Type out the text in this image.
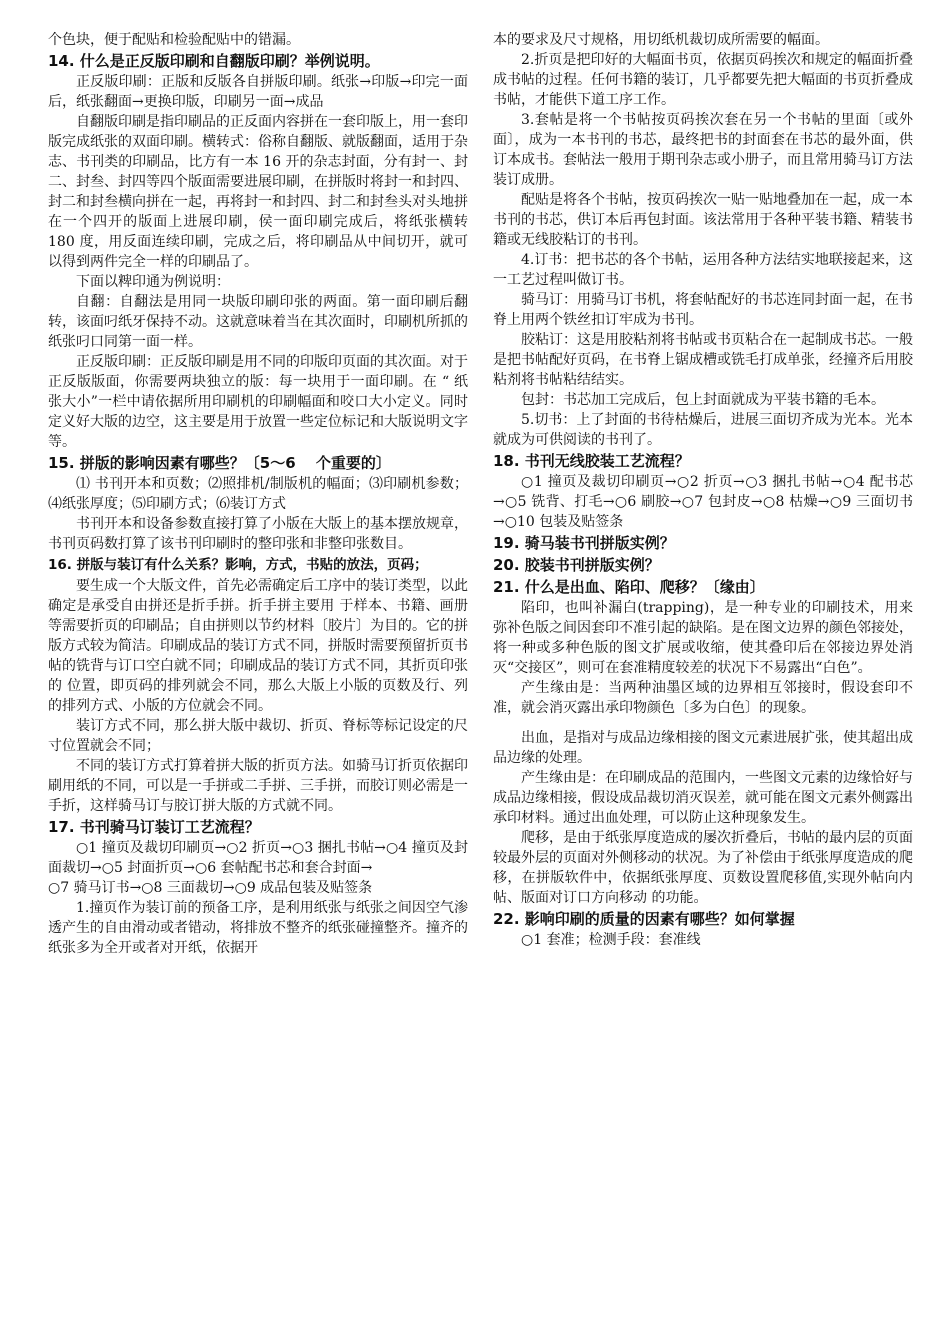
个色块，便于配贴和检验配贴中的错漏。

14. 什么是正反版印刷和自翻版印刷？举例说明。

正反版印刷：正版和反版各自拼版印刷。纸张→印版→印完一面后，纸张翻面→更换印版，印刷另一面→成品

自翻版印刷是指印刷品的正反面内容拼在一套印版上，用一套印版完成纸张的双面印刷。横转式：俗称自翻版、就版翻面，适用于杂志、书刊类的印刷品，比方有一本 16 开的杂志封面，分有封一、封二、封叁、封四等四个版面需要进展印刷，在拼版时将封一和封四、封二和封叁横向拼在一起，再将封一和封四、封二和封叁头对头地拼在一个四开的版面上进展印刷，侯一面印刷完成后，将纸张横转 180 度，用反面连续印刷，完成之后，将印刷品从中间切开，就可以得到两件完全一样的印刷品了。

下面以粺印通为例说明：

自翻：自翻法是用同一块版印刷印张的两面。第一面印刷后翻转，该面叼纸牙保持不动。这就意味着当在其次面时，印刷机所抓的纸张叼口同第一面一样。

正反版印刷：正反版印刷是用不同的印版印页面的其次面。对于正反版版面，你需要两块独立的版：每一块用于一面印刷。在 “ 纸张大小”一栏中请依据所用印刷机的印刷幅面和咬口大小定义。同时定义好大版的边空，这主要是用于放置一些定位标记和大版说明文字等。

15. 拼版的影响因素有哪些？〔5～6　 个重要的〕

⑴ 书刊开本和页数；⑵照排机/制版机的幅面；⑶印刷机参数；⑷纸张厚度；⑸印刷方式；⑹装订方式

书刊开本和设备参数直接打算了小版在大版上的基本摆放规章，书刊页码数打算了该书刊印刷时的整印张和非整印张数目。

16. 拼版与装订有什么关系？影响，方式，书贴的放法，页码；

要生成一个大版文件，首先必需确定后工序中的装订类型，以此确定是承受自由拼还是折手拼。折手拼主要用 于样本、书籍、画册等需要折页的印刷品；自由拼则以节约材料〔胶片〕为目的。它的拼版方式较为简洁。印刷成品的装订方式不同，拼版时需要预留折页书帖的铣背与订口空白就不同；印刷成品的装订方式不同，其折页印张的 位置，即页码的排列就会不同，那么大版上小版的页数及行、列的排列方式、小版的方位就会不同。

装订方式不同，那么拼大版中裁切、折页、脊标等标记设定的尺寸位置就会不同；

不同的装订方式打算着拼大版的折页方法。如骑马订折页依据印刷用纸的不同，可以是一手拼或二手拼、三手拼，而胶订则必需是一手折，这样骑马订与胶订拼大版的方式就不同。

17. 书刊骑马订装订工艺流程？

○1 撞页及裁切印刷页→○2 折页→○3 捆扎书帖→○4 撞页及封面裁切→○5 封面折页→○6 套帖配书芯和套合封面→

○7 骑马订书→○8 三面裁切→○9 成品包装及贴签条

1.撞页作为装订前的预备工序，是利用纸张与纸张之间因空气渗透产生的自由滑动或者错动，将排放不整齐的纸张碰撞整齐。撞齐的纸张多为全开或者对开纸，依据开

本的要求及尺寸规格，用切纸机裁切成所需要的幅面。

2.折页是把印好的大幅面书页，依据页码挨次和规定的幅面折叠成书帖的过程。任何书籍的装订，几乎都要先把大幅面的书页折叠成书帖，才能供下道工序工作。

3.套帖是将一个书帖按页码挨次套在另一个书帖的里面〔或外面〕，成为一本书刊的书芯，最终把书的封面套在书芯的最外面，供订本成书。套帖法一般用于期刊杂志或小册子，而且常用骑马订方法装订成册。

配贴是将各个书帖，按页码挨次一贴一贴地叠加在一起，成一本书刊的书芯，供订本后再包封面。该法常用于各种平装书籍、精装书籍或无线胶粘订的书刊。

4.订书：把书芯的各个书帖，运用各种方法结实地联接起来，这一工艺过程叫做订书。

骑马订：用骑马订书机，将套帖配好的书芯连同封面一起，在书脊上用两个铁丝扣订牢成为书刊。

胶粘订：这是用胶粘剂将书帖或书页粘合在一起制成书芯。一般是把书帖配好页码，在书脊上锯成槽或铣毛打成单张，经撞齐后用胶粘剂将书帖粘结结实。

包封：书芯加工完成后，包上封面就成为平装书籍的毛本。

5.切书：上了封面的书待枯燥后，进展三面切齐成为光本。光本就成为可供阅读的书刊了。

18. 书刊无线胶装工艺流程？

○1 撞页及裁切印刷页→○2 折页→○3 捆扎书帖→○4 配书芯→○5 铣背、打毛→○6 刷胶→○7 包封皮→○8 枯燥→○9 三面切书→○10 包装及贴签条

19. 骑马装书刊拼版实例？
20. 胶装书刊拼版实例？
21. 什么是出血、陷印、爬移？〔缘由〕

陷印，也叫补漏白(trapping)，是一种专业的印刷技术，用来弥补色版之间因套印不准引起的缺陷。是在图文边界的颜色邻接处，将一种或多种色版的图文扩展或收缩，使其叠印后在邻接边界处消灭“交接区”，则可在套准精度较差的状况下不易露出“白色”。

产生缘由是：当两种油墨区域的边界相互邻接时，假设套印不准，就会消灭露出承印物颜色〔多为白色〕的现象。

出血，是指对与成品边缘相接的图文元素进展扩张，使其超出成品边缘的处理。

产生缘由是：在印刷成品的范围内，一些图文元素的边缘恰好与成品边缘相接，假设成品裁切消灭误差，就可能在图文元素外侧露出承印材料。通过出血处理，可以防止这种现象发生。

爬移，是由于纸张厚度造成的屡次折叠后，书帖的最内层的页面较最外层的页面对外侧移动的状况。为了补偿由于纸张厚度造成的爬移，在拼版软件中，依据纸张厚度、页数设置爬移值,实现外帖向内帖、版面对订口方向移动 的功能。

22. 影响印刷的质量的因素有哪些？如何掌握

○1 套准；检测手段：套准线
